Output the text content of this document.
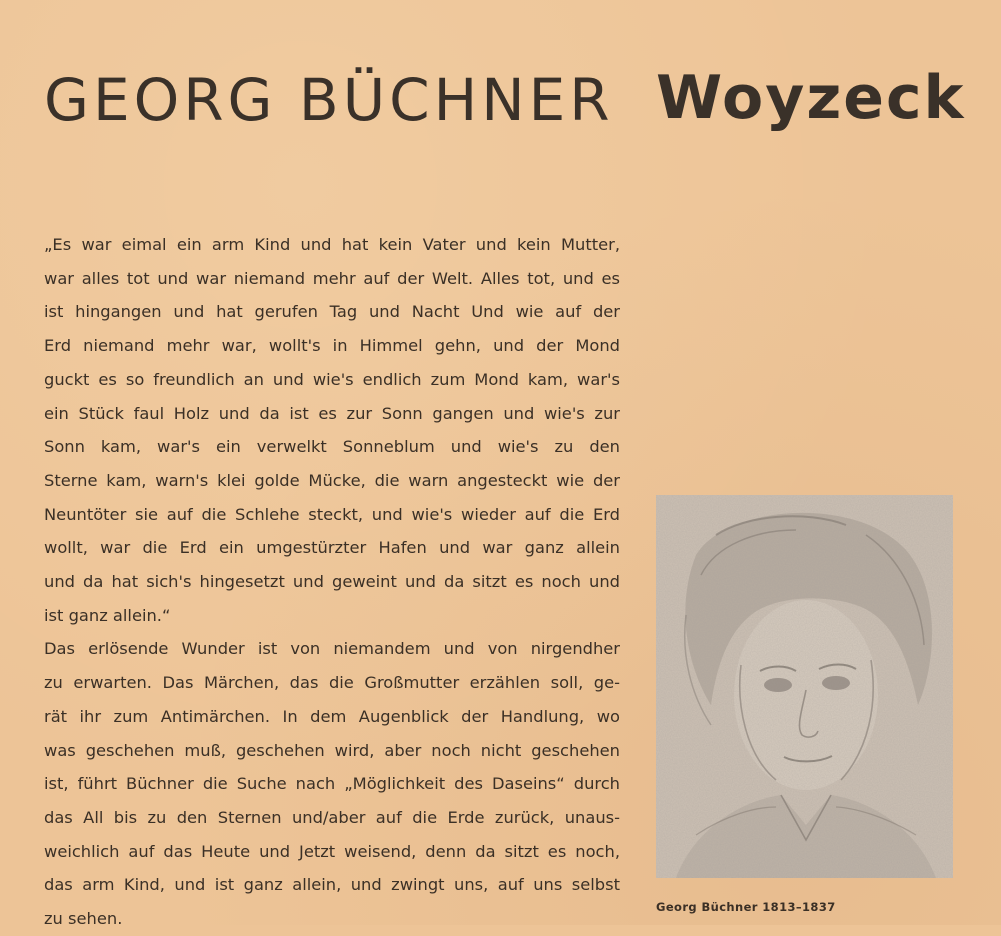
GEORG BÜCHNER Woyzeck

„Es war eimal ein arm Kind und hat kein Vater und kein Mutter,

war alles tot und war niemand mehr auf der Welt. Alles tot, und es

ist hingangen und hat gerufen Tag und Nacht Und wie auf der

Erd niemand mehr war, wollt's in Himmel gehn, und der Mond

guckt es so freundlich an und wie's endlich zum Mond kam, war's

ein Stück faul Holz und da ist es zur Sonn gangen und wie's zur

Sonn kam, war's ein verwelkt Sonneblum und wie's zu den

Sterne kam, warn's klei golde Mücke, die warn angesteckt wie der

Neuntöter sie auf die Schlehe steckt, und wie's wieder auf die Erd

wollt, war die Erd ein umgestürzter Hafen und war ganz allein

und da hat sich's hingesetzt und geweint und da sitzt es noch und

ist ganz allein.“

Das erlösende Wunder ist von niemandem und von nirgendher

zu erwarten. Das Märchen, das die Großmutter erzählen soll, ge-

rät ihr zum Antimärchen. In dem Augenblick der Handlung, wo

was geschehen muß, geschehen wird, aber noch nicht geschehen

ist, führt Büchner die Suche nach „Möglichkeit des Daseins“ durch

das All bis zu den Sternen und/aber auf die Erde zurück, unaus-

weichlich auf das Heute und Jetzt weisend, denn da sitzt es noch,

das arm Kind, und ist ganz allein, und zwingt uns, auf uns selbst

zu sehen.

Georg Büchner 1813–1837
